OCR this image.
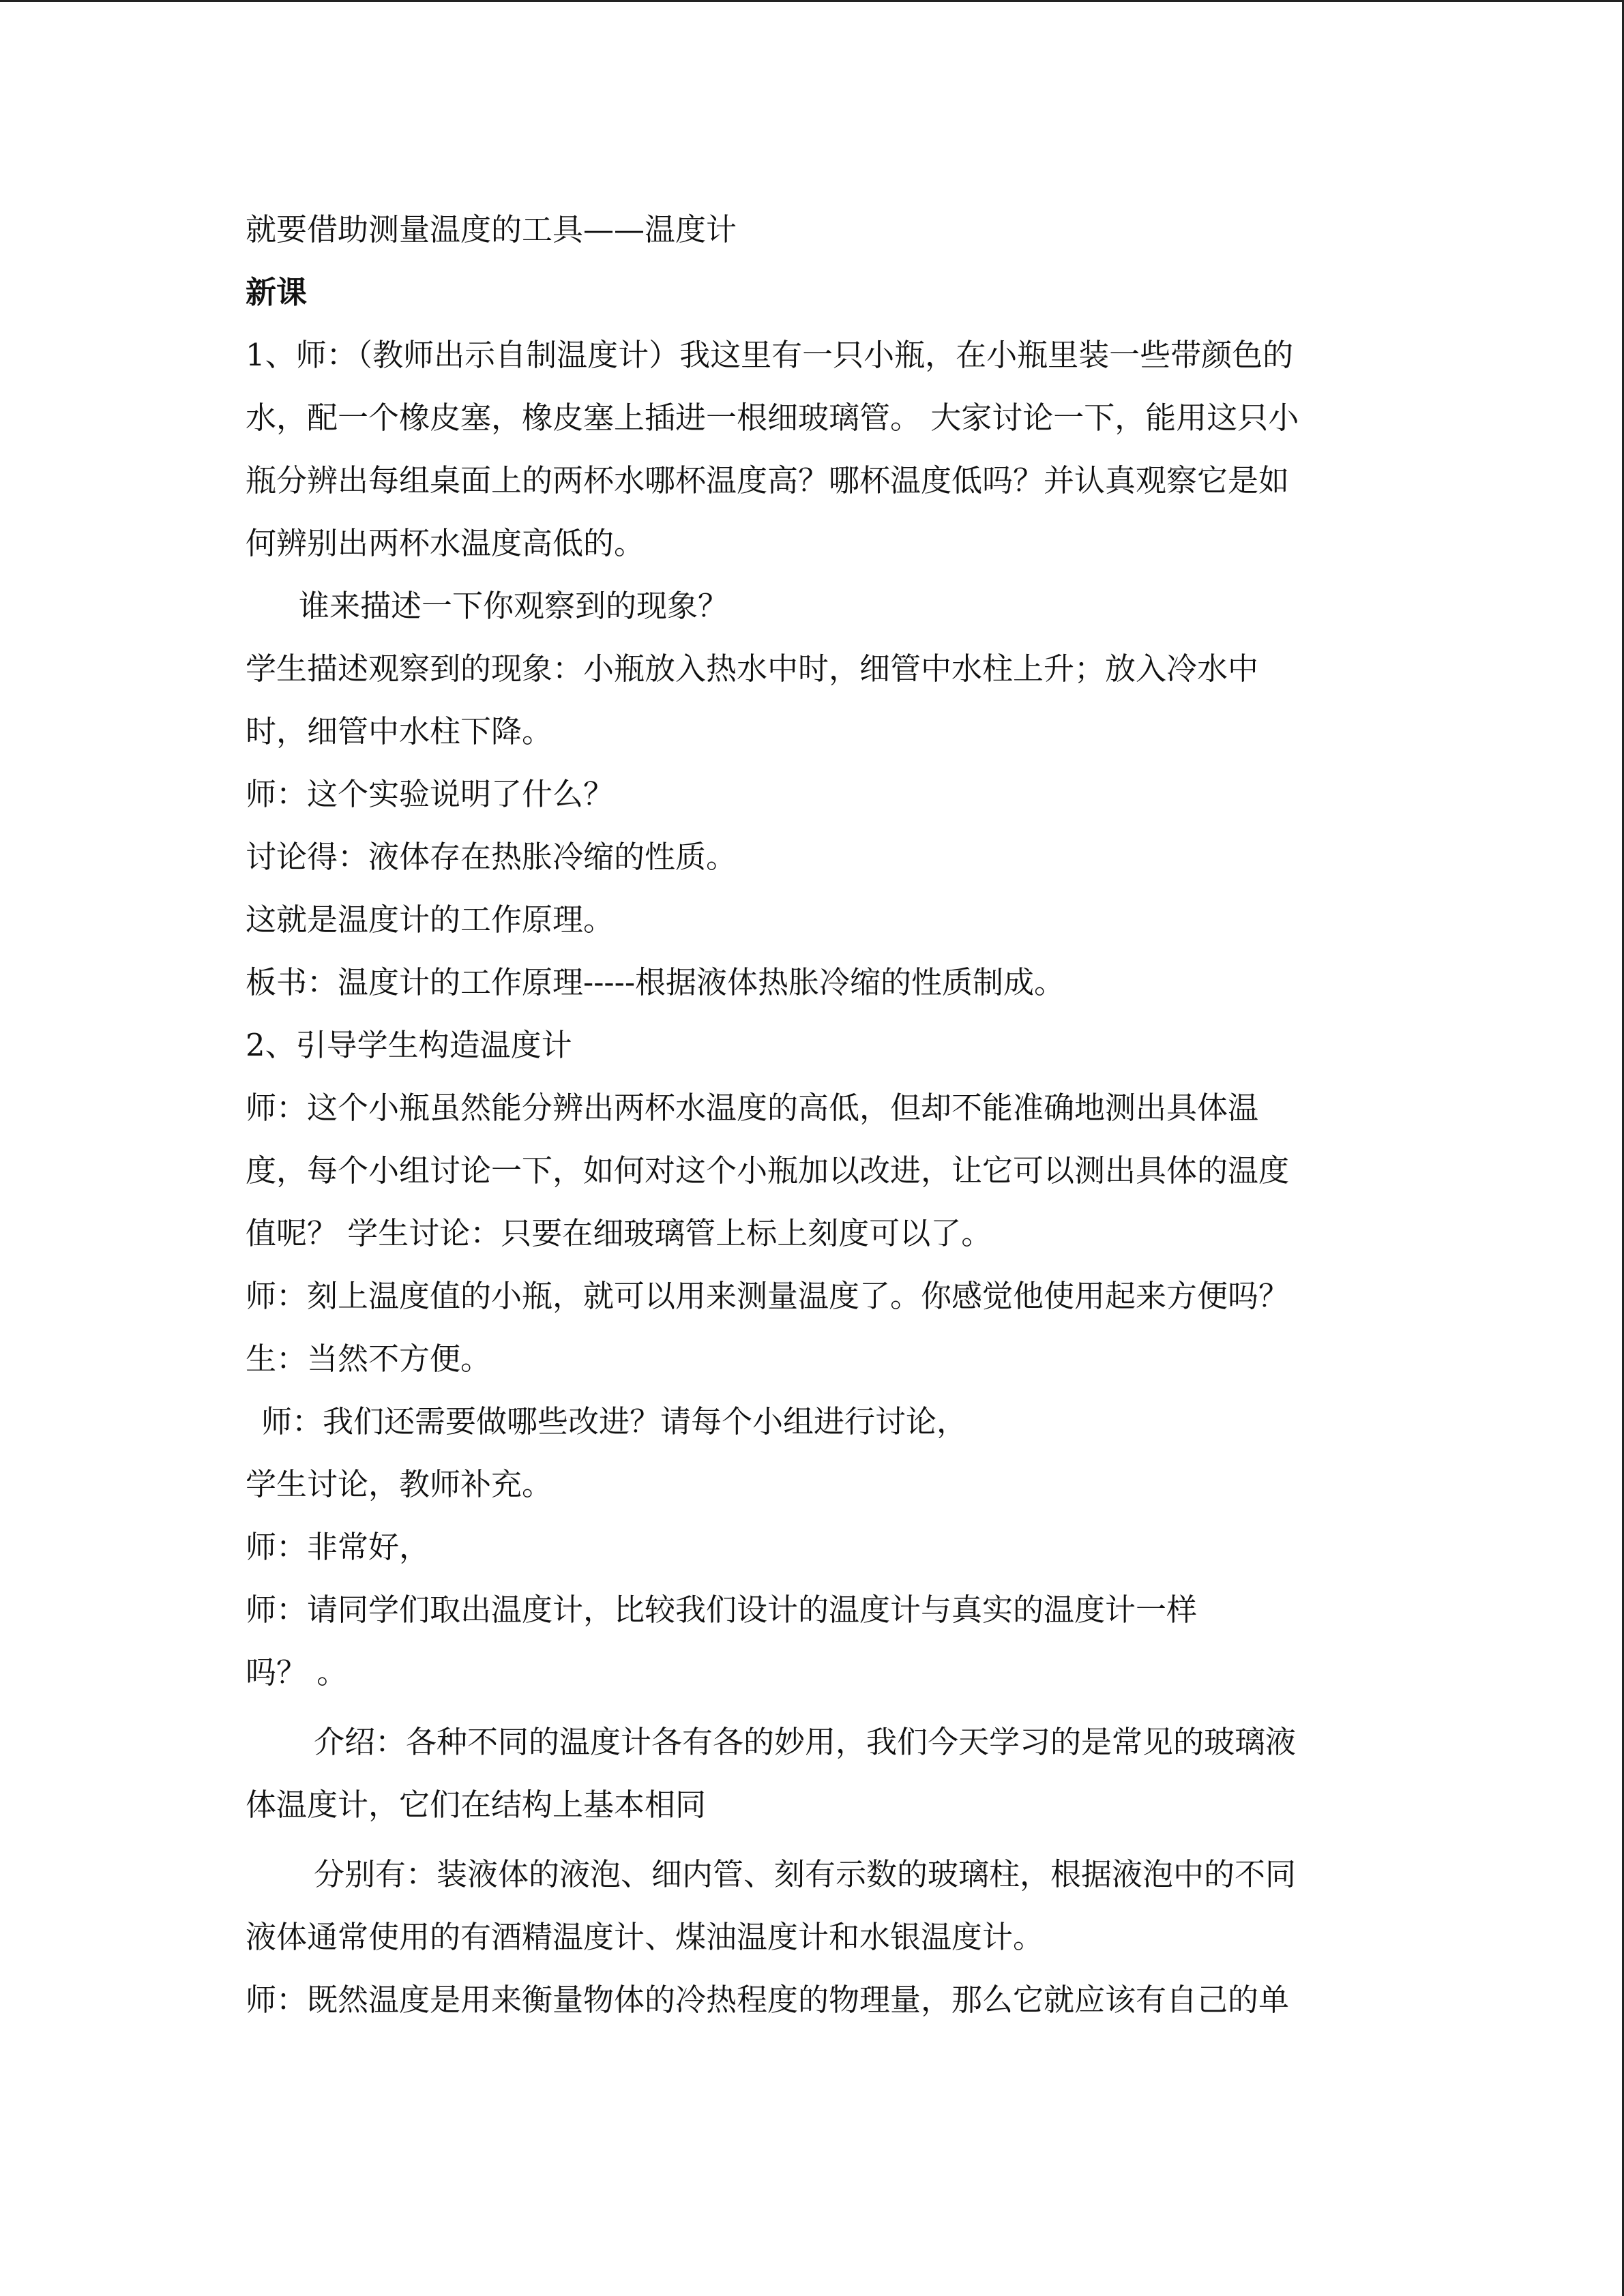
就要借助测量温度的工具——温度计
新课
1、师：（教师出示自制温度计）我这里有一只小瓶，在小瓶里装一些带颜色的
水，配一个橡皮塞，橡皮塞上插进一根细玻璃管。 大家讨论一下，能用这只小
瓶分辨出每组桌面上的两杯水哪杯温度高？哪杯温度低吗？并认真观察它是如
何辨别出两杯水温度高低的。
谁来描述一下你观察到的现象？
学生描述观察到的现象：小瓶放入热水中时，细管中水柱上升；放入冷水中
时，细管中水柱下降。
师：这个实验说明了什么？
讨论得：液体存在热胀冷缩的性质。
这就是温度计的工作原理。
板书：温度计的工作原理-----根据液体热胀冷缩的性质制成。
2、引导学生构造温度计
师：这个小瓶虽然能分辨出两杯水温度的高低，但却不能准确地测出具体温
度，每个小组讨论一下，如何对这个小瓶加以改进，让它可以测出具体的温度
值呢？ 学生讨论：只要在细玻璃管上标上刻度可以了。
师：刻上温度值的小瓶，就可以用来测量温度了。你感觉他使用起来方便吗？
生：当然不方便。
师：我们还需要做哪些改进？请每个小组进行讨论，
学生讨论，教师补充。
师：非常好，
师：请同学们取出温度计，比较我们设计的温度计与真实的温度计一样
吗？ 。
介绍：各种不同的温度计各有各的妙用，我们今天学习的是常见的玻璃液
体温度计，它们在结构上基本相同
分别有：装液体的液泡、细内管、刻有示数的玻璃柱，根据液泡中的不同
液体通常使用的有酒精温度计、煤油温度计和水银温度计。
师：既然温度是用来衡量物体的冷热程度的物理量，那么它就应该有自己的单
